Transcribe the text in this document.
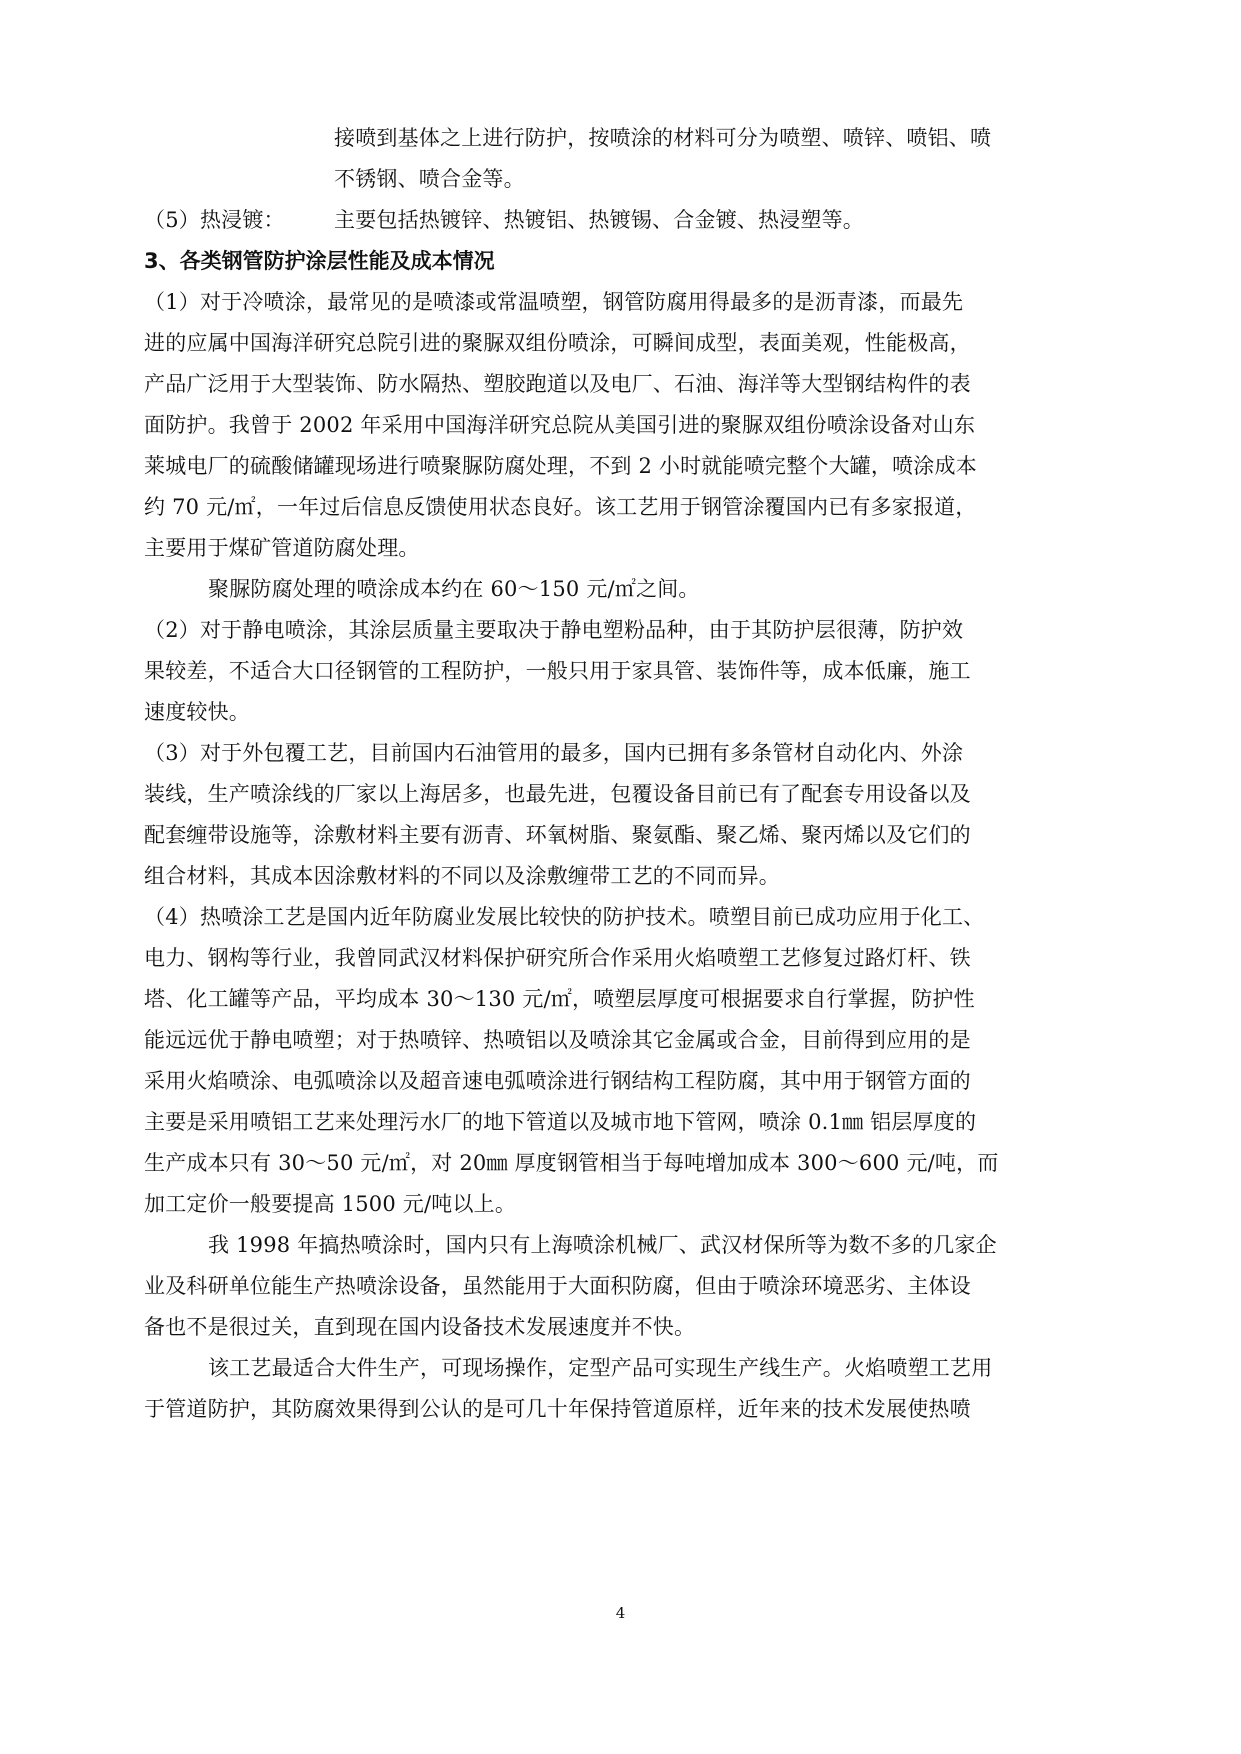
接喷到基体之上进行防护，按喷涂的材料可分为喷塑、喷锌、喷铝、喷
不锈钢、喷合金等。
（5）热浸镀：	主要包括热镀锌、热镀铝、热镀锡、合金镀、热浸塑等。
3、各类钢管防护涂层性能及成本情况
（1）对于冷喷涂，最常见的是喷漆或常温喷塑，钢管防腐用得最多的是沥青漆，而最先
进的应属中国海洋研究总院引进的聚脲双组份喷涂，可瞬间成型，表面美观，性能极高，
产品广泛用于大型装饰、防水隔热、塑胶跑道以及电厂、石油、海洋等大型钢结构件的表
面防护。我曾于 2002 年采用中国海洋研究总院从美国引进的聚脲双组份喷涂设备对山东
莱城电厂的硫酸储罐现场进行喷聚脲防腐处理，不到 2 小时就能喷完整个大罐，喷涂成本
约 70 元/㎡，一年过后信息反馈使用状态良好。该工艺用于钢管涂覆国内已有多家报道，
主要用于煤矿管道防腐处理。
聚脲防腐处理的喷涂成本约在 60～150 元/㎡之间。
（2）对于静电喷涂，其涂层质量主要取决于静电塑粉品种，由于其防护层很薄，防护效
果较差，不适合大口径钢管的工程防护，一般只用于家具管、装饰件等，成本低廉，施工
速度较快。
（3）对于外包覆工艺，目前国内石油管用的最多，国内已拥有多条管材自动化内、外涂
装线，生产喷涂线的厂家以上海居多，也最先进，包覆设备目前已有了配套专用设备以及
配套缠带设施等，涂敷材料主要有沥青、环氧树脂、聚氨酯、聚乙烯、聚丙烯以及它们的
组合材料，其成本因涂敷材料的不同以及涂敷缠带工艺的不同而异。
（4）热喷涂工艺是国内近年防腐业发展比较快的防护技术。喷塑目前已成功应用于化工、
电力、钢构等行业，我曾同武汉材料保护研究所合作采用火焰喷塑工艺修复过路灯杆、铁
塔、化工罐等产品，平均成本 30～130 元/㎡，喷塑层厚度可根据要求自行掌握，防护性
能远远优于静电喷塑；对于热喷锌、热喷铝以及喷涂其它金属或合金，目前得到应用的是
采用火焰喷涂、电弧喷涂以及超音速电弧喷涂进行钢结构工程防腐，其中用于钢管方面的
主要是采用喷铝工艺来处理污水厂的地下管道以及城市地下管网，喷涂 0.1㎜ 铝层厚度的
生产成本只有 30～50 元/㎡，对 20㎜ 厚度钢管相当于每吨增加成本 300～600 元/吨，而
加工定价一般要提高 1500 元/吨以上。
我 1998 年搞热喷涂时，国内只有上海喷涂机械厂、武汉材保所等为数不多的几家企
业及科研单位能生产热喷涂设备，虽然能用于大面积防腐，但由于喷涂环境恶劣、主体设
备也不是很过关，直到现在国内设备技术发展速度并不快。
该工艺最适合大件生产，可现场操作，定型产品可实现生产线生产。火焰喷塑工艺用
于管道防护，其防腐效果得到公认的是可几十年保持管道原样，近年来的技术发展使热喷
4
